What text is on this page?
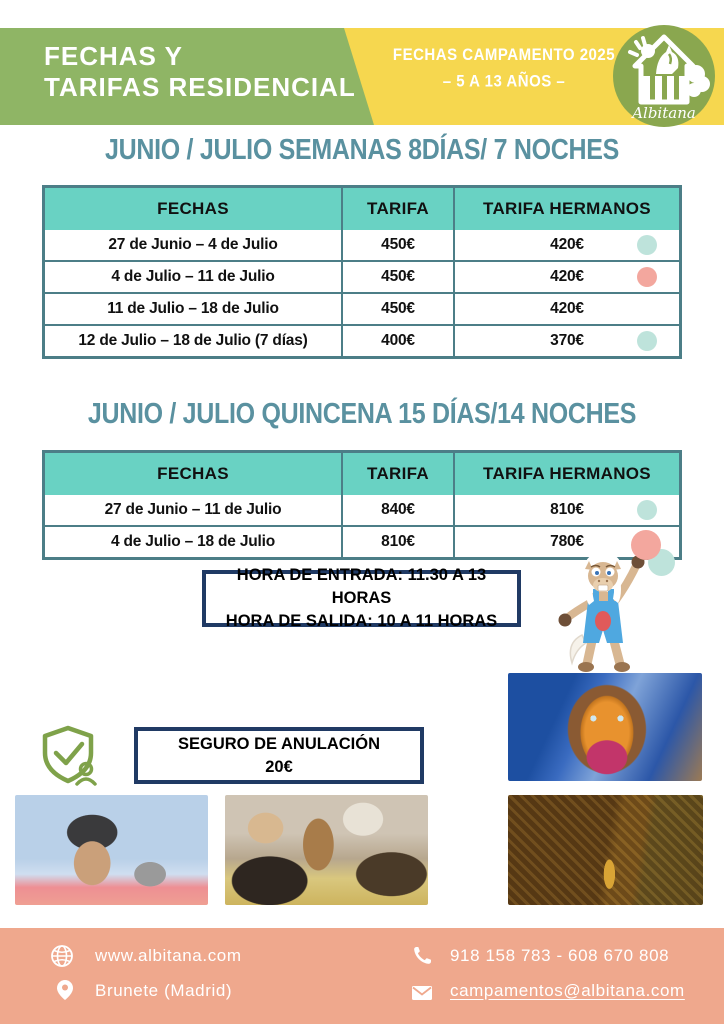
FECHAS Y
TARIFAS RESIDENCIAL
FECHAS CAMPAMENTO 2025
– 5 A 13 AÑOS –
Albitana
JUNIO / JULIO SEMANAS 8DÍAS/ 7 NOCHES
FECHAS	TARIFA	TARIFA HERMANOS
27 de Junio – 4 de Julio	450€	420€
4 de Julio – 11 de Julio	450€	420€
11 de Julio – 18 de Julio	450€	420€
12 de Julio – 18 de Julio (7 días)	400€	370€
JUNIO / JULIO QUINCENA 15 DÍAS/14 NOCHES
FECHAS	TARIFA	TARIFA HERMANOS
27 de Junio – 11 de Julio	840€	810€
4 de Julio – 18 de Julio	810€	780€
HORA DE ENTRADA: 11.30 A 13 HORAS
HORA DE SALIDA: 10 A 11 HORAS
SEGURO DE ANULACIÓN
20€
www.albitana.com
Brunete (Madrid)
918 158 783 - 608 670 808
campamentos@albitana.com
